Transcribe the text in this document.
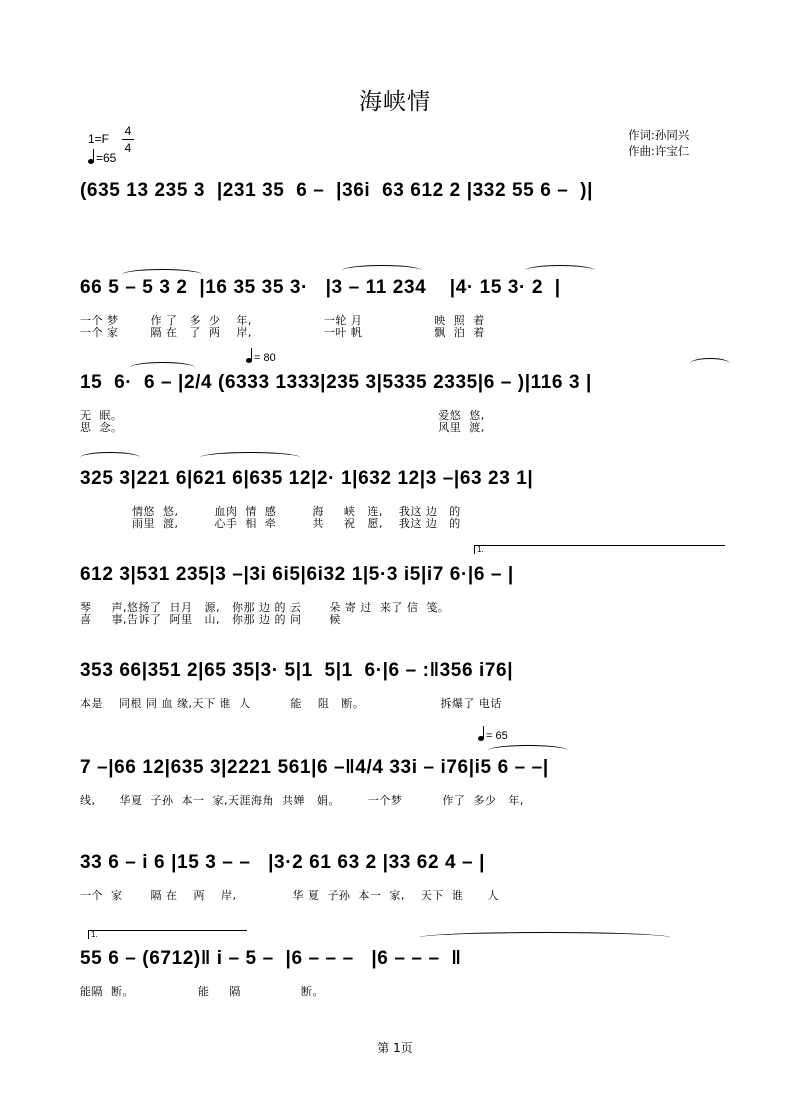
海峡情
1=F
4
4
=65
作词:孙同兴
作曲:许宝仁
(635 13 235 3  |231 35  6 –  |36i  63 612 2 |332 55 6 –  )|
66 5 – 5 3 2  |16 35 35 3·   |3 – 11 234    |4· 15 3· 2  |
一个 梦        作 了   多  少    年,                  一轮 月                  映  照  着
一个 家        隔 在   了  两    岸,                  一叶 帆                  飘  泊  着
= 80
15  6·  6 – |2/4 (6333 1333|235 3|5335 2335|6 – )|116 3 |
无  眠。                                                                               爱悠  悠,
思  念。                                                                               风里  渡,
325 3|221 6|621 6|635 12|2· 1|632 12|3 –|63 23 1|
情悠  悠,         血肉  情  感         海     峡   连,    我这 边   的
雨里  渡,         心手  相  牵         共     祝   愿,    我这 边   的
1.
612 3|531 235|3 –|3i 6i5|6i32 1|5·3 i5|i7 6·|6 – |
琴     声,悠扬了  日月   源,   你那 边 的 云       朵 寄 过  来了 信  笺。
喜     事,告诉了  阿里   山,   你那 边 的 问       候
353 66|351 2|65 35|3· 5|1  5|1  6·|6 – :‖356 i76|
本是    同根 同 血 缘,天下 谁  人          能    阻   断。                   拆爆了 电话
= 65
7 –|66 12|635 3|2221 561|6 –‖4/4 33i – i76|i5 6 – –|
线,      华夏  子孙  本一  家,天涯海角  共婵   娟。       一个梦          作了  多少   年,
33 6 – i 6 |15 3 – –   |3·2 61 63 2 |33 62 4 – |
一个  家       隔 在    两    岸,              华 夏  子孙  本一  家,    天下  谁      人
1.
55 6 – (6712)‖ i – 5 –  |6 – – –   |6 – – –  ‖
能隔  断。                能     隔               断。
第 1页
